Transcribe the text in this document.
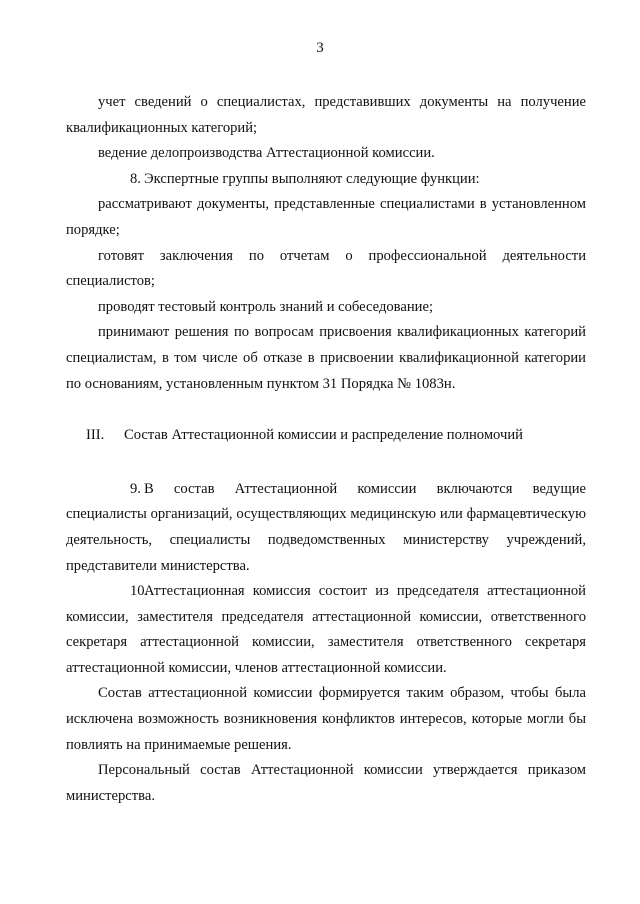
3

учет сведений о специалистах, представивших документы на получение квалификационных категорий;

ведение делопроизводства Аттестационной комиссии.

8. Экспертные группы выполняют следующие функции:

рассматривают документы, представленные специалистами в установленном порядке;

готовят заключения по отчетам о профессиональной деятельности специалистов;

проводят тестовый контроль знаний и собеседование;

принимают решения по вопросам присвоения квалификационных категорий специалистам, в том числе об отказе в присвоении квалификационной категории по основаниям, установленным пунктом 31 Порядка № 1083н.

III. Состав Аттестационной комиссии и распределение полномочий

9. В состав Аттестационной комиссии включаются ведущие специалисты организаций, осуществляющих медицинскую или фармацевтическую деятельность, специалисты подведомственных министерству учреждений, представители министерства.

10.Аттестационная комиссия состоит из председателя аттестационной комиссии, заместителя председателя аттестационной комиссии, ответственного секретаря аттестационной комиссии, заместителя ответственного секретаря аттестационной комиссии, членов аттестационной комиссии.

Состав аттестационной комиссии формируется таким образом, чтобы была исключена возможность возникновения конфликтов интересов, которые могли бы повлиять на принимаемые решения.

Персональный состав Аттестационной комиссии утверждается приказом министерства.
